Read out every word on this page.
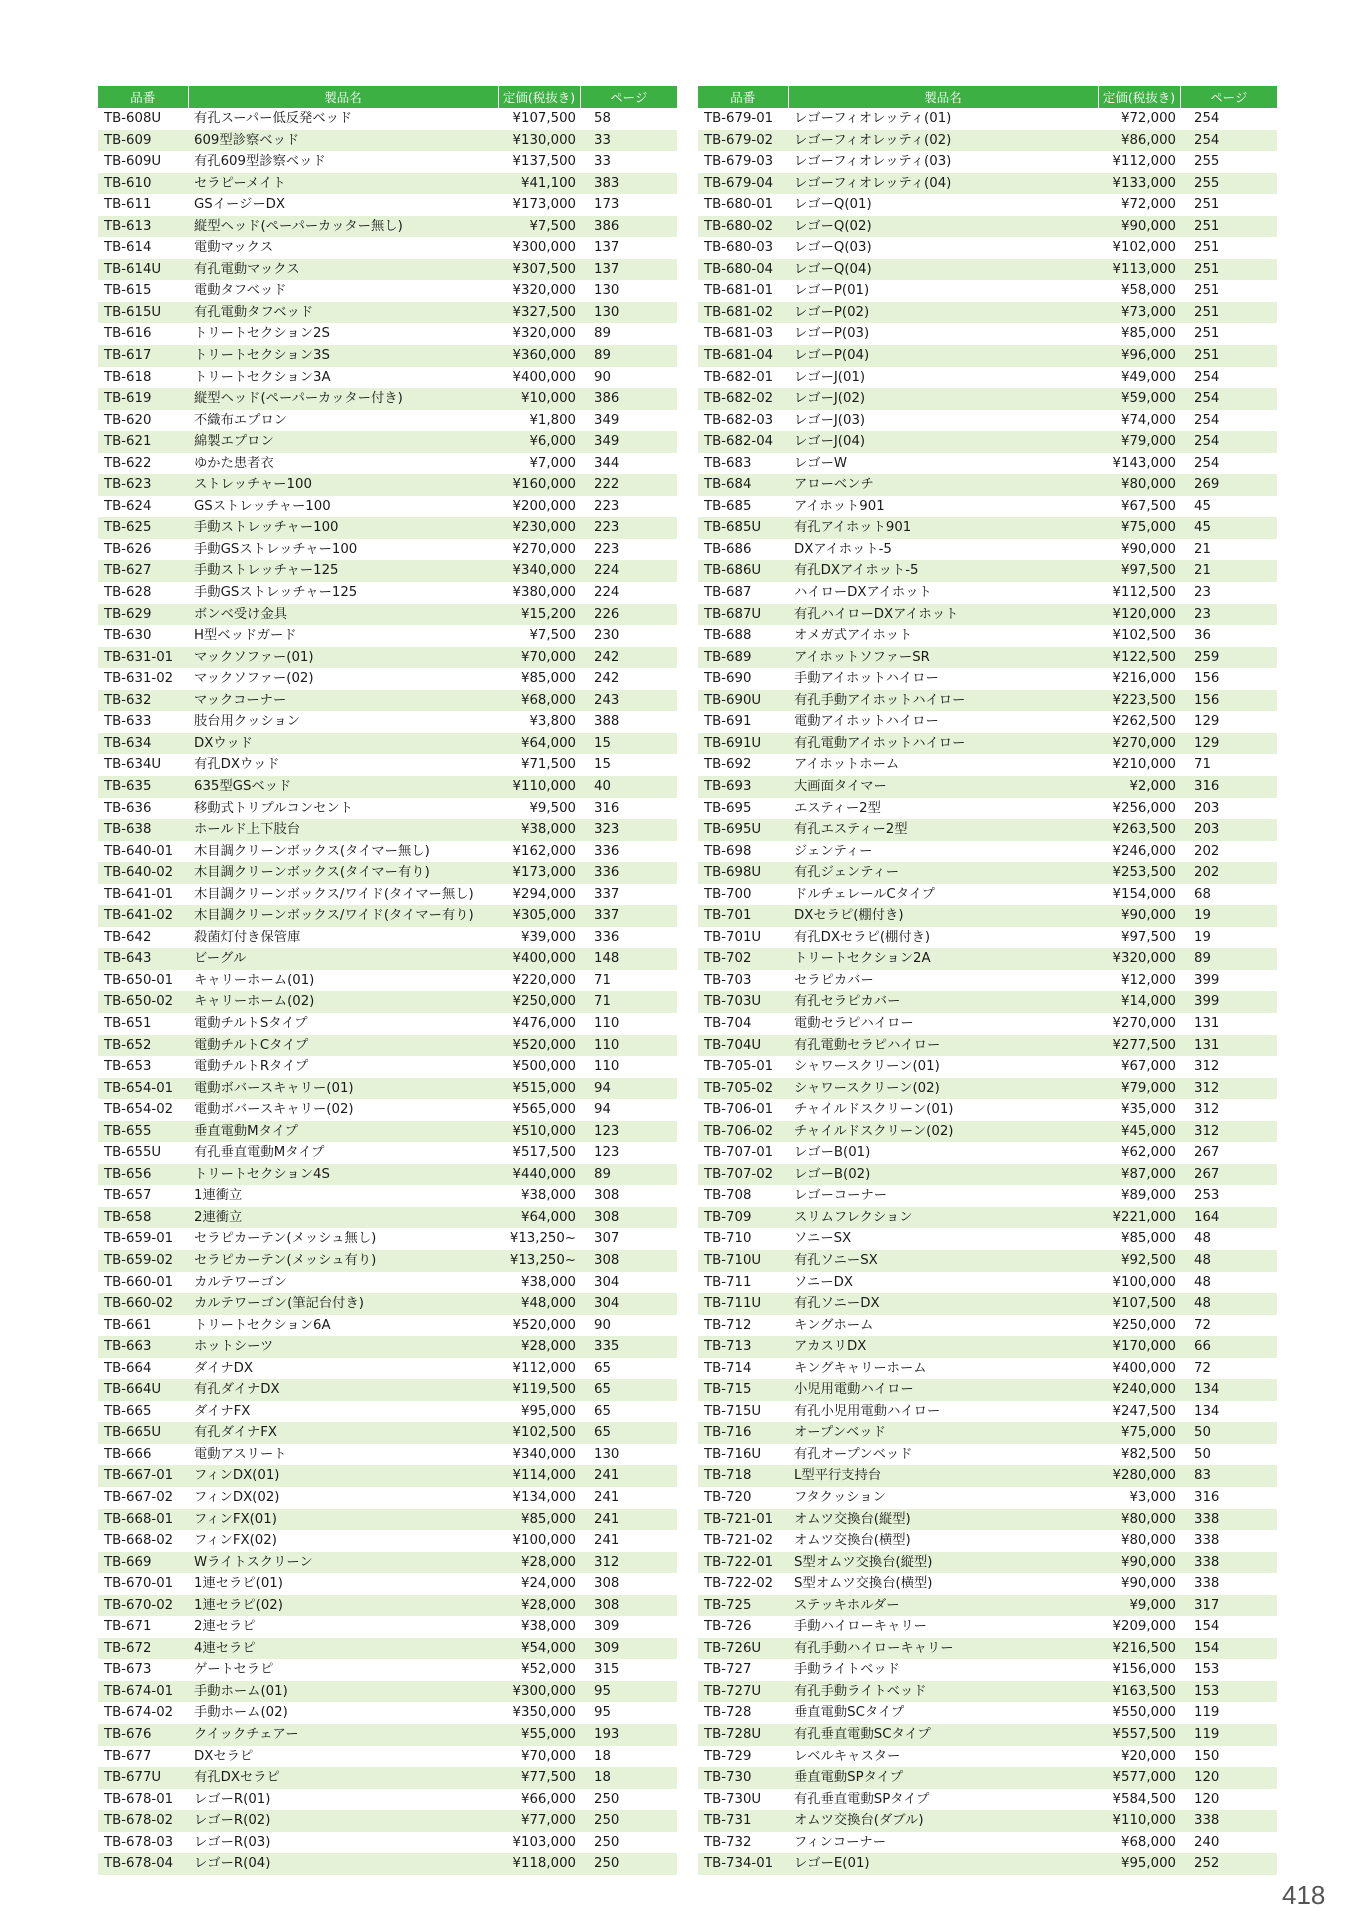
品番	製品名	定価(税抜き)	ページ
TB-608U	有孔スーパー低反発ベッド	¥107,500	58
TB-609	609型診察ベッド	¥130,000	33
TB-609U	有孔609型診察ベッド	¥137,500	33
TB-610	セラピーメイト	¥41,100	383
TB-611	GSイージーDX	¥173,000	173
TB-613	縦型ヘッド(ペーパーカッター無し)	¥7,500	386
TB-614	電動マックス	¥300,000	137
TB-614U	有孔電動マックス	¥307,500	137
TB-615	電動タフベッド	¥320,000	130
TB-615U	有孔電動タフベッド	¥327,500	130
TB-616	トリートセクション2S	¥320,000	89
TB-617	トリートセクション3S	¥360,000	89
TB-618	トリートセクション3A	¥400,000	90
TB-619	縦型ヘッド(ペーパーカッター付き)	¥10,000	386
TB-620	不織布エプロン	¥1,800	349
TB-621	綿製エプロン	¥6,000	349
TB-622	ゆかた患者衣	¥7,000	344
TB-623	ストレッチャー100	¥160,000	222
TB-624	GSストレッチャー100	¥200,000	223
TB-625	手動ストレッチャー100	¥230,000	223
TB-626	手動GSストレッチャー100	¥270,000	223
TB-627	手動ストレッチャー125	¥340,000	224
TB-628	手動GSストレッチャー125	¥380,000	224
TB-629	ボンベ受け金具	¥15,200	226
TB-630	H型ベッドガード	¥7,500	230
TB-631-01	マックソファー(01)	¥70,000	242
TB-631-02	マックソファー(02)	¥85,000	242
TB-632	マックコーナー	¥68,000	243
TB-633	肢台用クッション	¥3,800	388
TB-634	DXウッド	¥64,000	15
TB-634U	有孔DXウッド	¥71,500	15
TB-635	635型GSベッド	¥110,000	40
TB-636	移動式トリプルコンセント	¥9,500	316
TB-638	ホールド上下肢台	¥38,000	323
TB-640-01	木目調クリーンボックス(タイマー無し)	¥162,000	336
TB-640-02	木目調クリーンボックス(タイマー有り)	¥173,000	336
TB-641-01	木目調クリーンボックス/ワイド(タイマー無し)	¥294,000	337
TB-641-02	木目調クリーンボックス/ワイド(タイマー有り)	¥305,000	337
TB-642	殺菌灯付き保管庫	¥39,000	336
TB-643	ビーグル	¥400,000	148
TB-650-01	キャリーホーム(01)	¥220,000	71
TB-650-02	キャリーホーム(02)	¥250,000	71
TB-651	電動チルトSタイプ	¥476,000	110
TB-652	電動チルトCタイプ	¥520,000	110
TB-653	電動チルトRタイプ	¥500,000	110
TB-654-01	電動ボバースキャリー(01)	¥515,000	94
TB-654-02	電動ボバースキャリー(02)	¥565,000	94
TB-655	垂直電動Mタイプ	¥510,000	123
TB-655U	有孔垂直電動Mタイプ	¥517,500	123
TB-656	トリートセクション4S	¥440,000	89
TB-657	1連衝立	¥38,000	308
TB-658	2連衝立	¥64,000	308
TB-659-01	セラピカーテン(メッシュ無し)	¥13,250~	307
TB-659-02	セラピカーテン(メッシュ有り)	¥13,250~	308
TB-660-01	カルテワーゴン	¥38,000	304
TB-660-02	カルテワーゴン(筆記台付き)	¥48,000	304
TB-661	トリートセクション6A	¥520,000	90
TB-663	ホットシーツ	¥28,000	335
TB-664	ダイナDX	¥112,000	65
TB-664U	有孔ダイナDX	¥119,500	65
TB-665	ダイナFX	¥95,000	65
TB-665U	有孔ダイナFX	¥102,500	65
TB-666	電動アスリート	¥340,000	130
TB-667-01	フィンDX(01)	¥114,000	241
TB-667-02	フィンDX(02)	¥134,000	241
TB-668-01	フィンFX(01)	¥85,000	241
TB-668-02	フィンFX(02)	¥100,000	241
TB-669	Wライトスクリーン	¥28,000	312
TB-670-01	1連セラピ(01)	¥24,000	308
TB-670-02	1連セラピ(02)	¥28,000	308
TB-671	2連セラピ	¥38,000	309
TB-672	4連セラピ	¥54,000	309
TB-673	ゲートセラピ	¥52,000	315
TB-674-01	手動ホーム(01)	¥300,000	95
TB-674-02	手動ホーム(02)	¥350,000	95
TB-676	クイックチェアー	¥55,000	193
TB-677	DXセラピ	¥70,000	18
TB-677U	有孔DXセラピ	¥77,500	18
TB-678-01	レゴーR(01)	¥66,000	250
TB-678-02	レゴーR(02)	¥77,000	250
TB-678-03	レゴーR(03)	¥103,000	250
TB-678-04	レゴーR(04)	¥118,000	250
品番	製品名	定価(税抜き)	ページ
TB-679-01	レゴーフィオレッティ(01)	¥72,000	254
TB-679-02	レゴーフィオレッティ(02)	¥86,000	254
TB-679-03	レゴーフィオレッティ(03)	¥112,000	255
TB-679-04	レゴーフィオレッティ(04)	¥133,000	255
TB-680-01	レゴーQ(01)	¥72,000	251
TB-680-02	レゴーQ(02)	¥90,000	251
TB-680-03	レゴーQ(03)	¥102,000	251
TB-680-04	レゴーQ(04)	¥113,000	251
TB-681-01	レゴーP(01)	¥58,000	251
TB-681-02	レゴーP(02)	¥73,000	251
TB-681-03	レゴーP(03)	¥85,000	251
TB-681-04	レゴーP(04)	¥96,000	251
TB-682-01	レゴーJ(01)	¥49,000	254
TB-682-02	レゴーJ(02)	¥59,000	254
TB-682-03	レゴーJ(03)	¥74,000	254
TB-682-04	レゴーJ(04)	¥79,000	254
TB-683	レゴーW	¥143,000	254
TB-684	アローベンチ	¥80,000	269
TB-685	アイホット901	¥67,500	45
TB-685U	有孔アイホット901	¥75,000	45
TB-686	DXアイホット-5	¥90,000	21
TB-686U	有孔DXアイホット-5	¥97,500	21
TB-687	ハイローDXアイホット	¥112,500	23
TB-687U	有孔ハイローDXアイホット	¥120,000	23
TB-688	オメガ式アイホット	¥102,500	36
TB-689	アイホットソファーSR	¥122,500	259
TB-690	手動アイホットハイロー	¥216,000	156
TB-690U	有孔手動アイホットハイロー	¥223,500	156
TB-691	電動アイホットハイロー	¥262,500	129
TB-691U	有孔電動アイホットハイロー	¥270,000	129
TB-692	アイホットホーム	¥210,000	71
TB-693	大画面タイマー	¥2,000	316
TB-695	エスティー2型	¥256,000	203
TB-695U	有孔エスティー2型	¥263,500	203
TB-698	ジェンティー	¥246,000	202
TB-698U	有孔ジェンティー	¥253,500	202
TB-700	ドルチェレールCタイプ	¥154,000	68
TB-701	DXセラピ(棚付き)	¥90,000	19
TB-701U	有孔DXセラピ(棚付き)	¥97,500	19
TB-702	トリートセクション2A	¥320,000	89
TB-703	セラピカバー	¥12,000	399
TB-703U	有孔セラピカバー	¥14,000	399
TB-704	電動セラピハイロー	¥270,000	131
TB-704U	有孔電動セラピハイロー	¥277,500	131
TB-705-01	シャワースクリーン(01)	¥67,000	312
TB-705-02	シャワースクリーン(02)	¥79,000	312
TB-706-01	チャイルドスクリーン(01)	¥35,000	312
TB-706-02	チャイルドスクリーン(02)	¥45,000	312
TB-707-01	レゴーB(01)	¥62,000	267
TB-707-02	レゴーB(02)	¥87,000	267
TB-708	レゴーコーナー	¥89,000	253
TB-709	スリムフレクション	¥221,000	164
TB-710	ソニーSX	¥85,000	48
TB-710U	有孔ソニーSX	¥92,500	48
TB-711	ソニーDX	¥100,000	48
TB-711U	有孔ソニーDX	¥107,500	48
TB-712	キングホーム	¥250,000	72
TB-713	アカスリDX	¥170,000	66
TB-714	キングキャリーホーム	¥400,000	72
TB-715	小児用電動ハイロー	¥240,000	134
TB-715U	有孔小児用電動ハイロー	¥247,500	134
TB-716	オープンベッド	¥75,000	50
TB-716U	有孔オープンベッド	¥82,500	50
TB-718	L型平行支持台	¥280,000	83
TB-720	フタクッション	¥3,000	316
TB-721-01	オムツ交換台(縦型)	¥80,000	338
TB-721-02	オムツ交換台(横型)	¥80,000	338
TB-722-01	S型オムツ交換台(縦型)	¥90,000	338
TB-722-02	S型オムツ交換台(横型)	¥90,000	338
TB-725	ステッキホルダー	¥9,000	317
TB-726	手動ハイローキャリー	¥209,000	154
TB-726U	有孔手動ハイローキャリー	¥216,500	154
TB-727	手動ライトベッド	¥156,000	153
TB-727U	有孔手動ライトベッド	¥163,500	153
TB-728	垂直電動SCタイプ	¥550,000	119
TB-728U	有孔垂直電動SCタイプ	¥557,500	119
TB-729	レベルキャスター	¥20,000	150
TB-730	垂直電動SPタイプ	¥577,000	120
TB-730U	有孔垂直電動SPタイプ	¥584,500	120
TB-731	オムツ交換台(ダブル)	¥110,000	338
TB-732	フィンコーナー	¥68,000	240
TB-734-01	レゴーE(01)	¥95,000	252
418
